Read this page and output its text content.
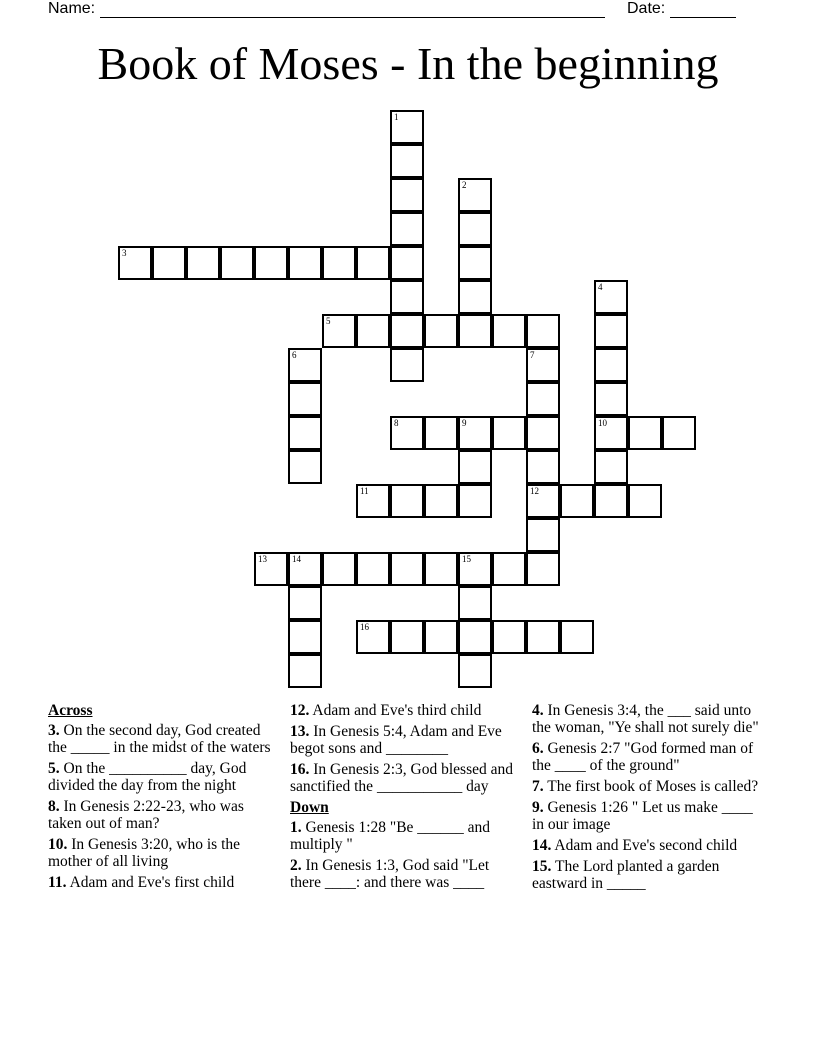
Name:	Date:
Book of Moses - In the beginning
1
2
3
4
10
5
6	7
12
8	9
11
13	14	15
16
Across
3. On the second day, God created the _____ in the midst of the waters
5. On the __________ day, God divided the day from the night
8. In Genesis 2:22-23, who was taken out of man?
10. In Genesis 3:20, who is the mother of all living
11. Adam and Eve's first child
12. Adam and Eve's third child
13. In Genesis 5:4, Adam and Eve begot sons and ________
16. In Genesis 2:3, God blessed and sanctified the ___________ day
Down
1. Genesis 1:28 "Be ______ and multiply "
2. In Genesis 1:3, God said "Let there ____: and there was ____
4. In Genesis 3:4, the ___ said unto the woman, "Ye shall not surely die"
6. Genesis 2:7 "God formed man of the ____ of the ground"
7. The first book of Moses is called?
9. Genesis 1:26 " Let us make ____ in our image
14. Adam and Eve's second child
15. The Lord planted a garden eastward in _____
